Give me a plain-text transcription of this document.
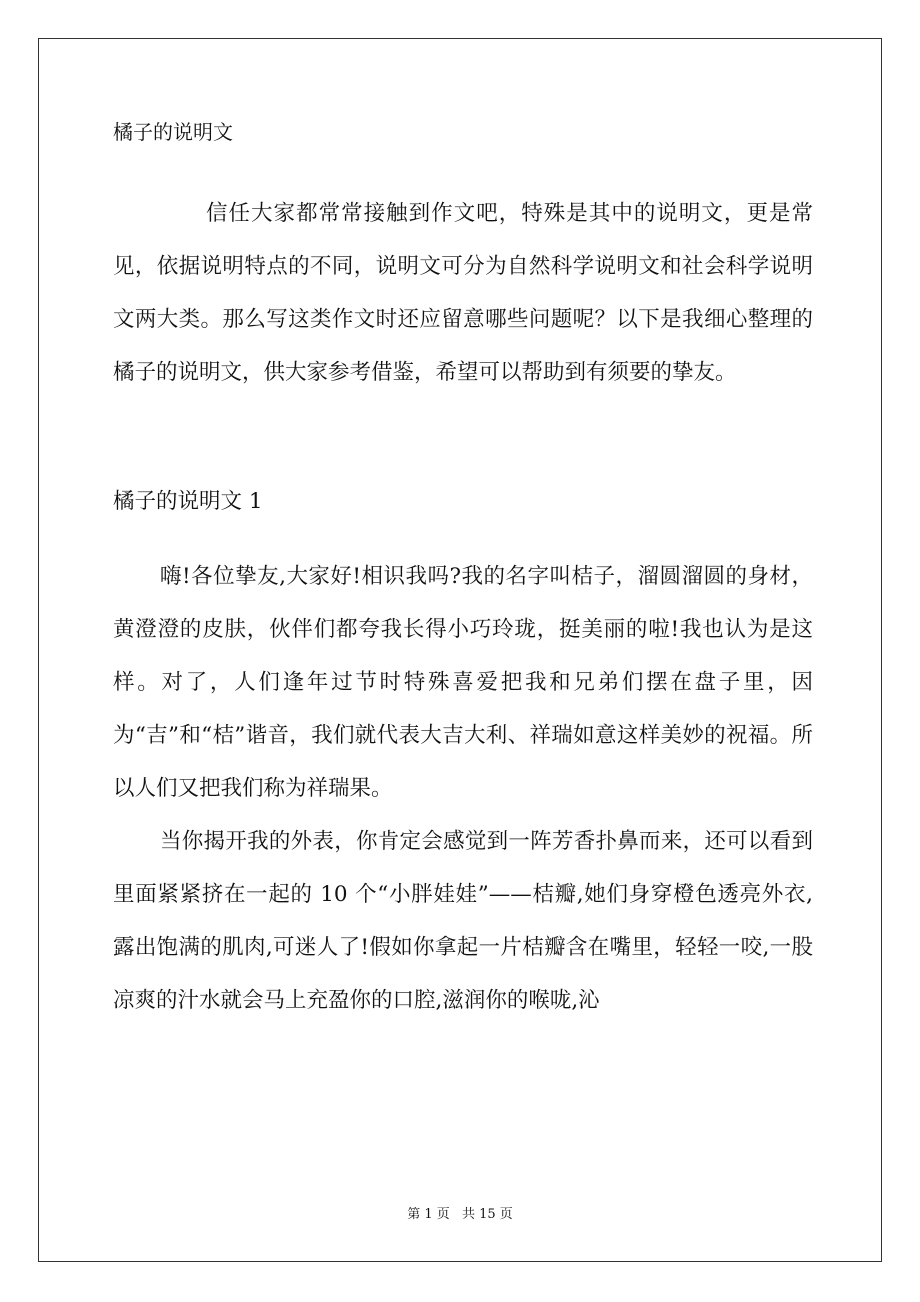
橘子的说明文

信任大家都常常接触到作文吧，特殊是其中的说明文，更是常见，依据说明特点的不同，说明文可分为自然科学说明文和社会科学说明文两大类。那么写这类作文时还应留意哪些问题呢？以下是我细心整理的橘子的说明文，供大家参考借鉴，希望可以帮助到有须要的挚友。

橘子的说明文 1

嗨!各位挚友,大家好!相识我吗?我的名字叫桔子，溜圆溜圆的身材，黄澄澄的皮肤，伙伴们都夸我长得小巧玲珑，挺美丽的啦!我也认为是这样。对了，人们逢年过节时特殊喜爱把我和兄弟们摆在盘子里，因为“吉”和“桔”谐音，我们就代表大吉大利、祥瑞如意这样美妙的祝福。所以人们又把我们称为祥瑞果。

当你揭开我的外表，你肯定会感觉到一阵芳香扑鼻而来，还可以看到里面紧紧挤在一起的 10 个“小胖娃娃”——桔瓣,她们身穿橙色透亮外衣,露出饱满的肌肉,可迷人了!假如你拿起一片桔瓣含在嘴里，轻轻一咬,一股凉爽的汁水就会马上充盈你的口腔,滋润你的喉咙,沁

第 1 页 共 15 页
